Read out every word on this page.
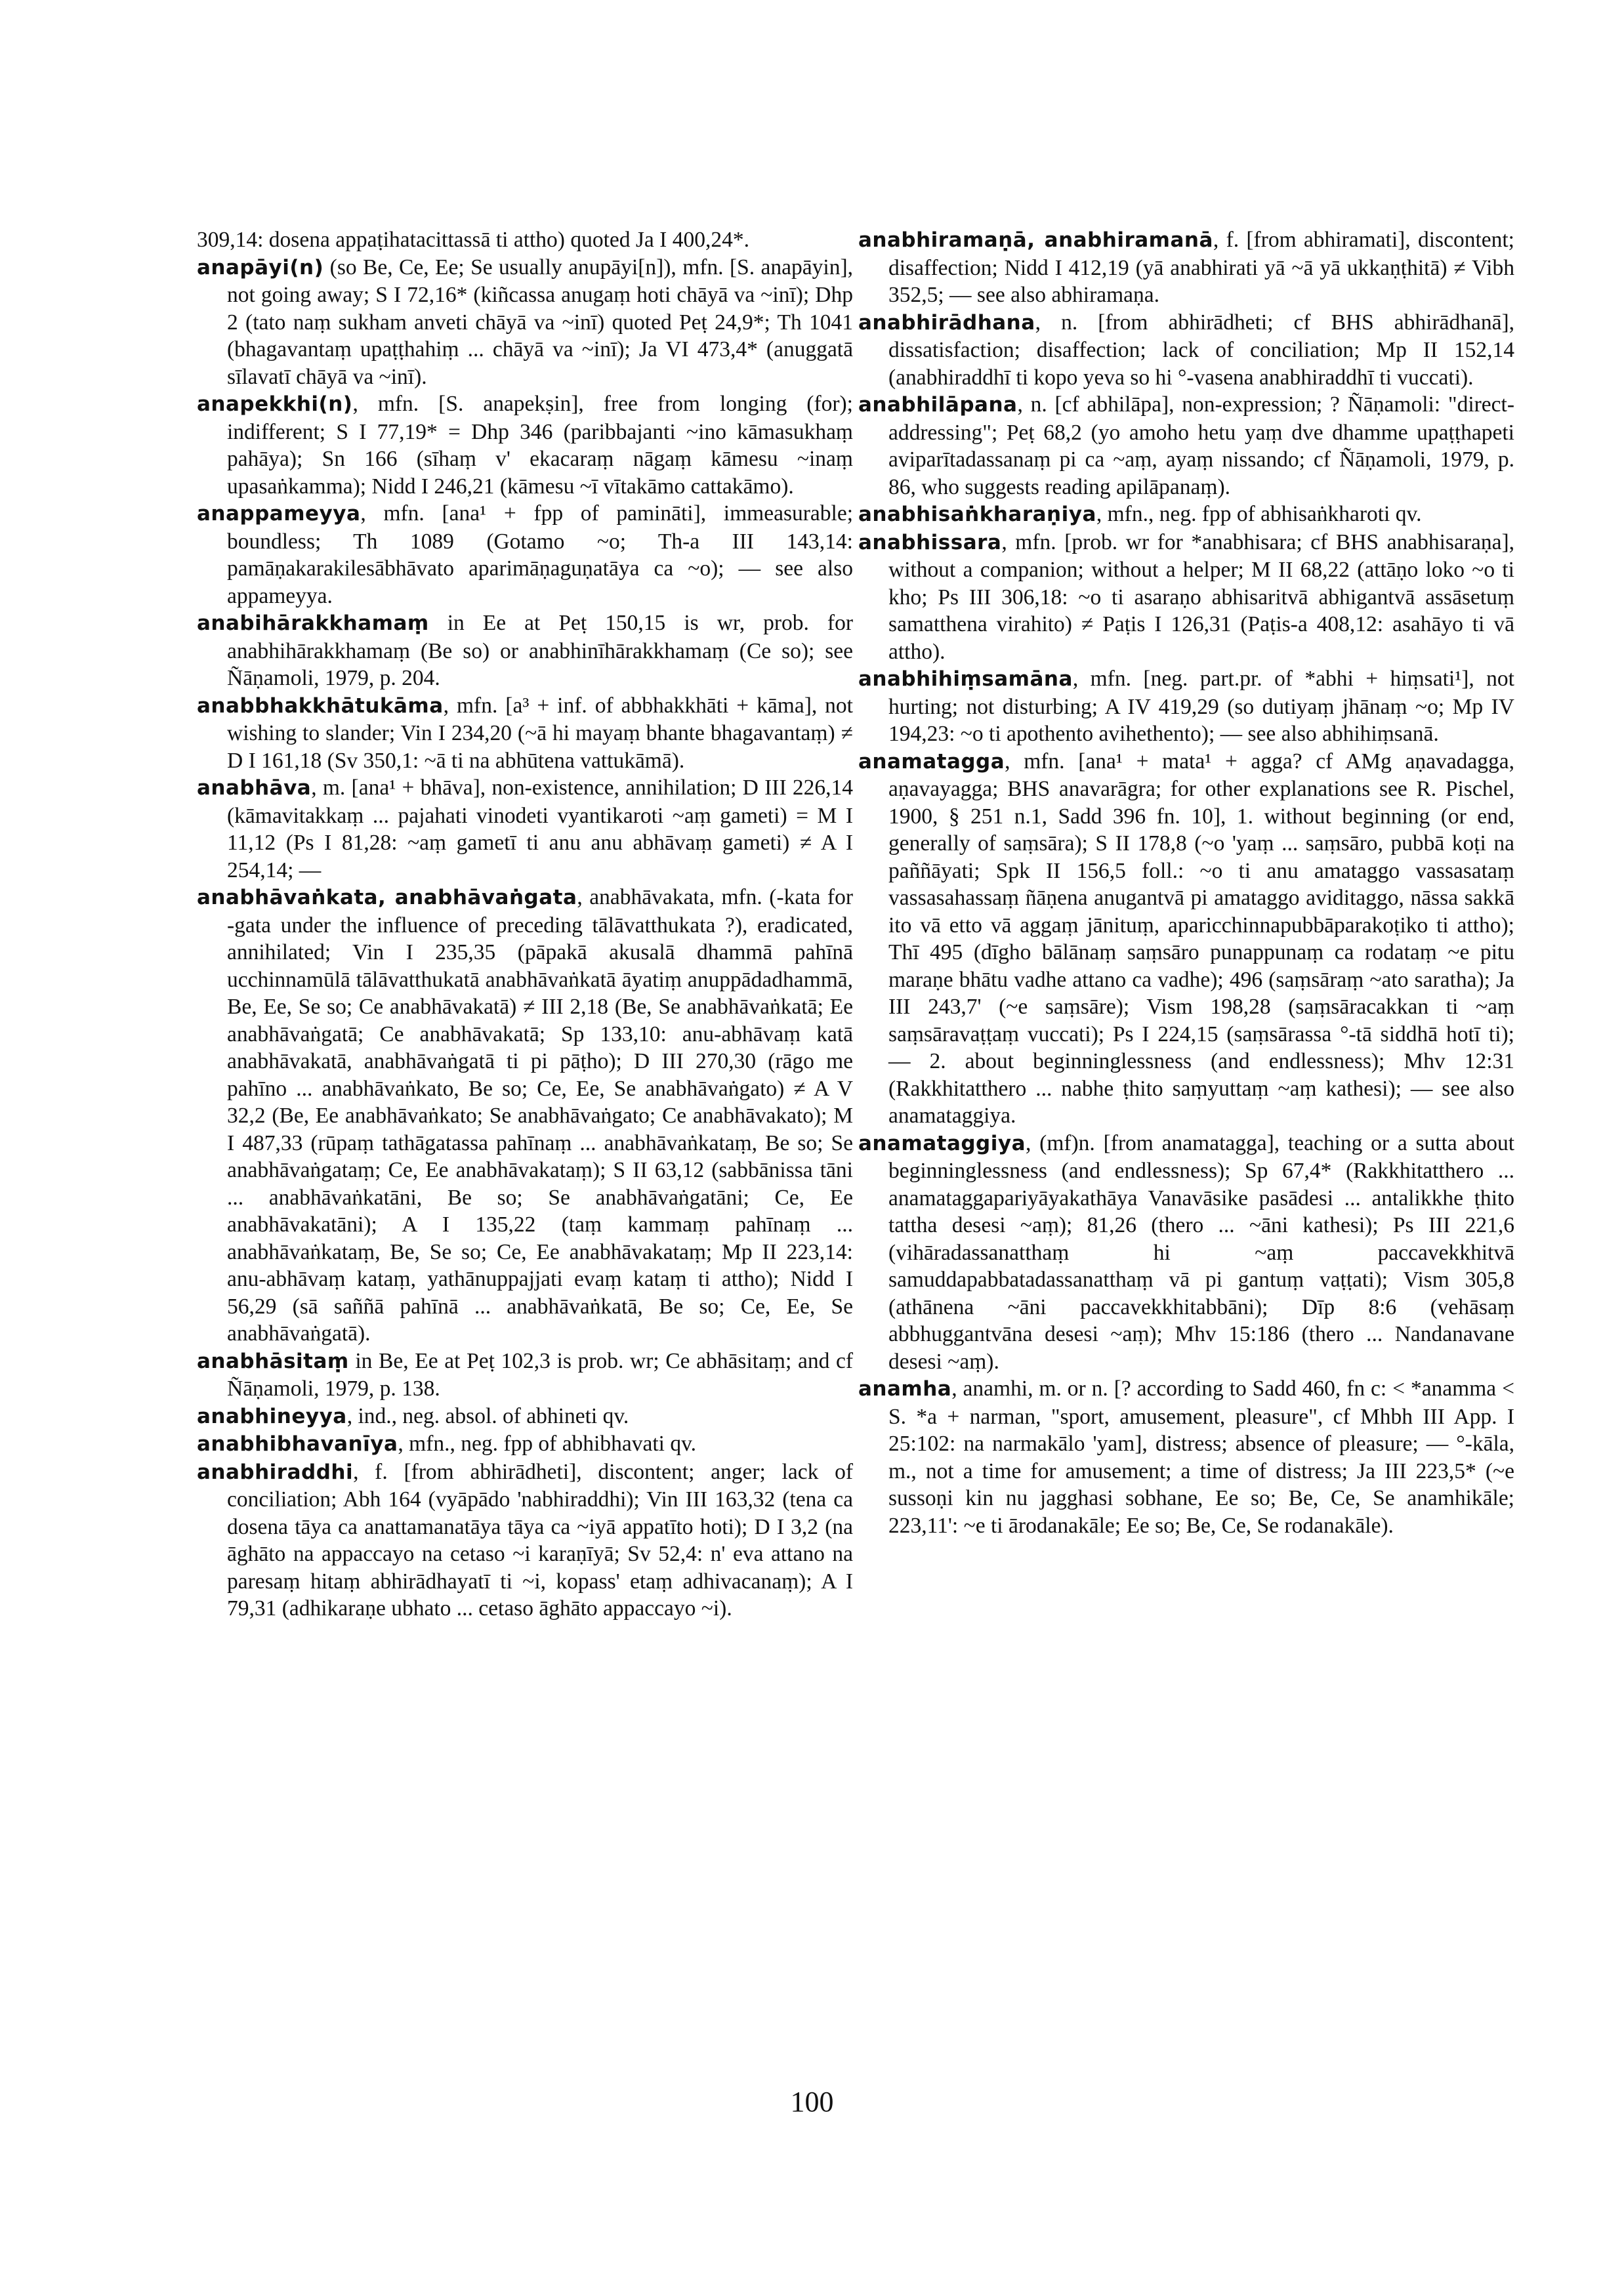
309,14: dosena appaṭihatacittassā ti attho) quoted Ja I 400,24*.

anapāyi(n) (so Be, Ce, Ee; Se usually anupāyi[n]), mfn. [S. anapāyin], not going away; S I 72,16* (kiñcassa anugaṃ hoti chāyā va ~inī); Dhp 2 (tato naṃ sukham anveti chāyā va ~inī) quoted Peṭ 24,9*; Th 1041 (bhagavantaṃ upaṭṭhahiṃ ... chāyā va ~inī); Ja VI 473,4* (anuggatā sīlavatī chāyā va ~inī).

anapekkhi(n), mfn. [S. anapekṣin], free from longing (for); indifferent; S I 77,19* = Dhp 346 (paribbajanti ~ino kāmasukhaṃ pahāya); Sn 166 (sīhaṃ v' ekacaraṃ nāgaṃ kāmesu ~inaṃ upasaṅkamma); Nidd I 246,21 (kāmesu ~ī vītakāmo cattakāmo).

anappameyya, mfn. [ana¹ + fpp of pamināti], immeasurable; boundless; Th 1089 (Gotamo ~o; Th-a III 143,14: pamāṇakarakilesābhāvato aparimāṇaguṇatāya ca ~o); — see also appameyya.

anabihārakkhamaṃ in Ee at Peṭ 150,15 is wr, prob. for anabhihārakkhamaṃ (Be so) or anabhinīhārakkhamaṃ (Ce so); see Ñāṇamoli, 1979, p. 204.

anabbhakkhātukāma, mfn. [a³ + inf. of abbhakkhāti + kāma], not wishing to slander; Vin I 234,20 (~ā hi mayaṃ bhante bhagavantaṃ) ≠ D I 161,18 (Sv 350,1: ~ā ti na abhūtena vattukāmā).

anabhāva, m. [ana¹ + bhāva], non-existence, annihilation; D III 226,14 (kāmavitakkaṃ ... pajahati vinodeti vyantikaroti ~aṃ gameti) = M I 11,12 (Ps I 81,28: ~aṃ gametī ti anu anu abhāvaṃ gameti) ≠ A I 254,14; —

anabhāvaṅkata, anabhāvaṅgata, anabhāvakata, mfn. (-kata for -gata under the influence of preceding tālāvatthukata ?), eradicated, annihilated; Vin I 235,35 (pāpakā akusalā dhammā pahīnā ucchinnamūlā tālāvatthukatā anabhāvaṅkatā āyatiṃ anuppādadhammā, Be, Ee, Se so; Ce anabhāvakatā) ≠ III 2,18 (Be, Se anabhāvaṅkatā; Ee anabhāvaṅgatā; Ce anabhāvakatā; Sp 133,10: anu-abhāvaṃ katā anabhāvakatā, anabhāvaṅgatā ti pi pāṭho); D III 270,30 (rāgo me pahīno ... anabhāvaṅkato, Be so; Ce, Ee, Se anabhāvaṅgato) ≠ A V 32,2 (Be, Ee anabhāvaṅkato; Se anabhāvaṅgato; Ce anabhāvakato); M I 487,33 (rūpaṃ tathāgatassa pahīnaṃ ... anabhāvaṅkataṃ, Be so; Se anabhāvaṅgataṃ; Ce, Ee anabhāvakataṃ); S II 63,12 (sabbānissa tāni ... anabhāvaṅkatāni, Be so; Se anabhāvaṅgatāni; Ce, Ee anabhāvakatāni); A I 135,22 (taṃ kammaṃ pahīnaṃ ... anabhāvaṅkataṃ, Be, Se so; Ce, Ee anabhāvakataṃ; Mp II 223,14: anu-abhāvaṃ kataṃ, yathānuppajjati evaṃ kataṃ ti attho); Nidd I 56,29 (sā saññā pahīnā ... anabhāvaṅkatā, Be so; Ce, Ee, Se anabhāvaṅgatā).

anabhāsitaṃ in Be, Ee at Peṭ 102,3 is prob. wr; Ce abhāsitaṃ; and cf Ñāṇamoli, 1979, p. 138.

anabhineyya, ind., neg. absol. of abhineti qv.

anabhibhavanīya, mfn., neg. fpp of abhibhavati qv.

anabhiraddhi, f. [from abhirādheti], discontent; anger; lack of conciliation; Abh 164 (vyāpādo 'nabhiraddhi); Vin III 163,32 (tena ca dosena tāya ca anattamanatāya tāya ca ~iyā appatīto hoti); D I 3,2 (na āghāto na appaccayo na cetaso ~i karaṇīyā; Sv 52,4: n' eva attano na paresaṃ hitaṃ abhirādhayatī ti ~i, kopass' etaṃ adhivacanaṃ); A I 79,31 (adhikaraṇe ubhato ... cetaso āghāto appaccayo ~i).

anabhiramaṇā, anabhiramanā, f. [from abhiramati], discontent; disaffection; Nidd I 412,19 (yā anabhirati yā ~ā yā ukkaṇṭhitā) ≠ Vibh 352,5; — see also abhiramaṇa.

anabhirādhana, n. [from abhirādheti; cf BHS abhirādhanā], dissatisfaction; disaffection; lack of conciliation; Mp II 152,14 (anabhiraddhī ti kopo yeva so hi °-vasena anabhiraddhī ti vuccati).

anabhilāpana, n. [cf abhilāpa], non-expression; ? Ñāṇamoli: "direct-addressing"; Peṭ 68,2 (yo amoho hetu yaṃ dve dhamme upaṭṭhapeti aviparītadassanaṃ pi ca ~aṃ, ayaṃ nissando; cf Ñāṇamoli, 1979, p. 86, who suggests reading apilāpanaṃ).

anabhisaṅkharaṇiya, mfn., neg. fpp of abhisaṅkharoti qv.

anabhissara, mfn. [prob. wr for *anabhisara; cf BHS anabhisaraṇa], without a companion; without a helper; M II 68,22 (attāṇo loko ~o ti kho; Ps III 306,18: ~o ti asaraṇo abhisaritvā abhigantvā assāsetuṃ samatthena virahito) ≠ Paṭis I 126,31 (Paṭis-a 408,12: asahāyo ti vā attho).

anabhihiṃsamāna, mfn. [neg. part.pr. of *abhi + hiṃsati¹], not hurting; not disturbing; A IV 419,29 (so dutiyaṃ jhānaṃ ~o; Mp IV 194,23: ~o ti apothento avihethento); — see also abhihiṃsanā.

anamatagga, mfn. [ana¹ + mata¹ + agga? cf AMg aṇavadagga, aṇavayagga; BHS anavarāgra; for other explanations see R. Pischel, 1900, § 251 n.1, Sadd 396 fn. 10], 1. without beginning (or end, generally of saṃsāra); S II 178,8 (~o 'yaṃ ... saṃsāro, pubbā koṭi na paññāyati; Spk II 156,5 foll.: ~o ti anu amataggo vassasataṃ vassasahassaṃ ñāṇena anugantvā pi amataggo aviditaggo, nāssa sakkā ito vā etto vā aggaṃ jānituṃ, aparicchinnapubbāparakoṭiko ti attho); Thī 495 (dīgho bālānaṃ saṃsāro punappunaṃ ca rodataṃ ~e pitu maraṇe bhātu vadhe attano ca vadhe); 496 (saṃsāraṃ ~ato saratha); Ja III 243,7' (~e saṃsāre); Vism 198,28 (saṃsāracakkan ti ~aṃ saṃsāravaṭṭaṃ vuccati); Ps I 224,15 (saṃsārassa °-tā siddhā hotī ti); — 2. about beginninglessness (and endlessness); Mhv 12:31 (Rakkhitatthero ... nabhe ṭhito saṃyuttaṃ ~aṃ kathesi); — see also anamataggiya.

anamataggiya, (mf)n. [from anamatagga], teaching or a sutta about beginninglessness (and endlessness); Sp 67,4* (Rakkhitatthero ... anamataggapariyāyakathāya Vanavāsike pasādesi ... antalikkhe ṭhito tattha desesi ~aṃ); 81,26 (thero ... ~āni kathesi); Ps III 221,6 (vihāradassanatthaṃ hi ~aṃ paccavekkhitvā samuddapabbatadassanatthaṃ vā pi gantuṃ vaṭṭati); Vism 305,8 (athānena ~āni paccavekkhitabbāni); Dīp 8:6 (vehāsaṃ abbhuggantvāna desesi ~aṃ); Mhv 15:186 (thero ... Nandanavane desesi ~aṃ).

anamha, anamhi, m. or n. [? according to Sadd 460, fn c: < *anamma < S. *a + narman, "sport, amusement, pleasure", cf Mhbh III App. I 25:102: na narmakālo 'yam], distress; absence of pleasure; — °-kāla, m., not a time for amusement; a time of distress; Ja III 223,5* (~e sussoṇi kin nu jagghasi sobhane, Ee so; Be, Ce, Se anamhikāle; 223,11': ~e ti ārodanakāle; Ee so; Be, Ce, Se rodanakāle).

100
